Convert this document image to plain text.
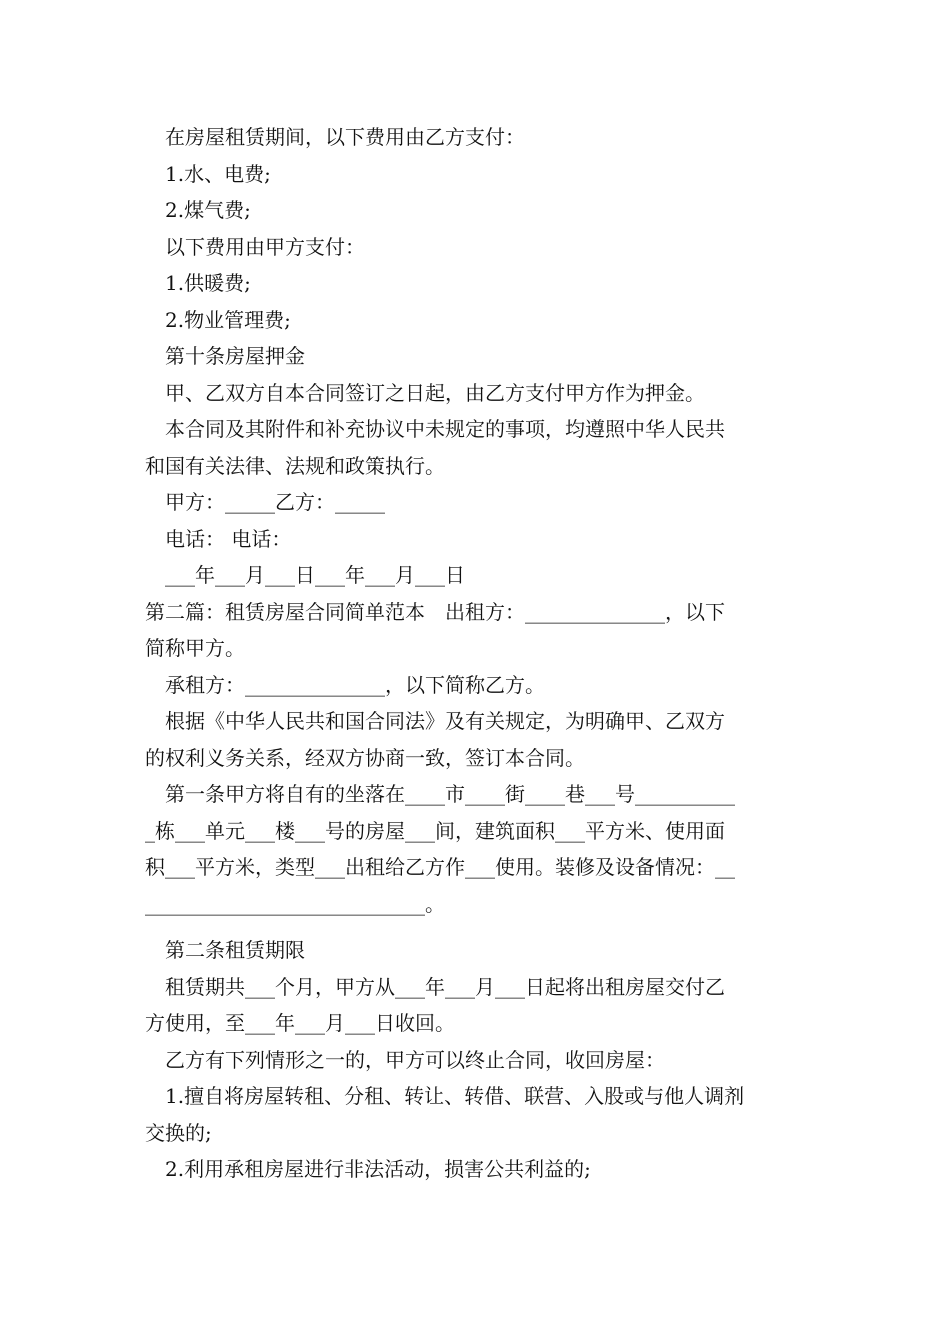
在房屋租赁期间，以下费用由乙方支付：

1.水、电费;

2.煤气费;

以下费用由甲方支付：

1.供暖费;

2.物业管理费;

第十条房屋押金

甲、乙双方自本合同签订之日起，由乙方支付甲方作为押金。

本合同及其附件和补充协议中未规定的事项，均遵照中华人民共

和国有关法律、法规和政策执行。

甲方：_____乙方：_____

电话： 电话：

___年___月___日___年___月___日

第二篇：租赁房屋合同简单范本　出租方：______________，以下

简称甲方。

承租方：______________，以下简称乙方。

根据《中华人民共和国合同法》及有关规定，为明确甲、乙双方

的权利义务关系，经双方协商一致，签订本合同。

第一条甲方将自有的坐落在____市____街____巷___号__________

_栋___单元___楼___号的房屋___间，建筑面积___平方米、使用面

积___平方米，类型___出租给乙方作___使用。装修及设备情况：__

____________________________。

第二条租赁期限

租赁期共___个月，甲方从___年___月___日起将出租房屋交付乙

方使用，至___年___月___日收回。

乙方有下列情形之一的，甲方可以终止合同，收回房屋：

1.擅自将房屋转租、分租、转让、转借、联营、入股或与他人调剂

交换的;

2.利用承租房屋进行非法活动，损害公共利益的;
